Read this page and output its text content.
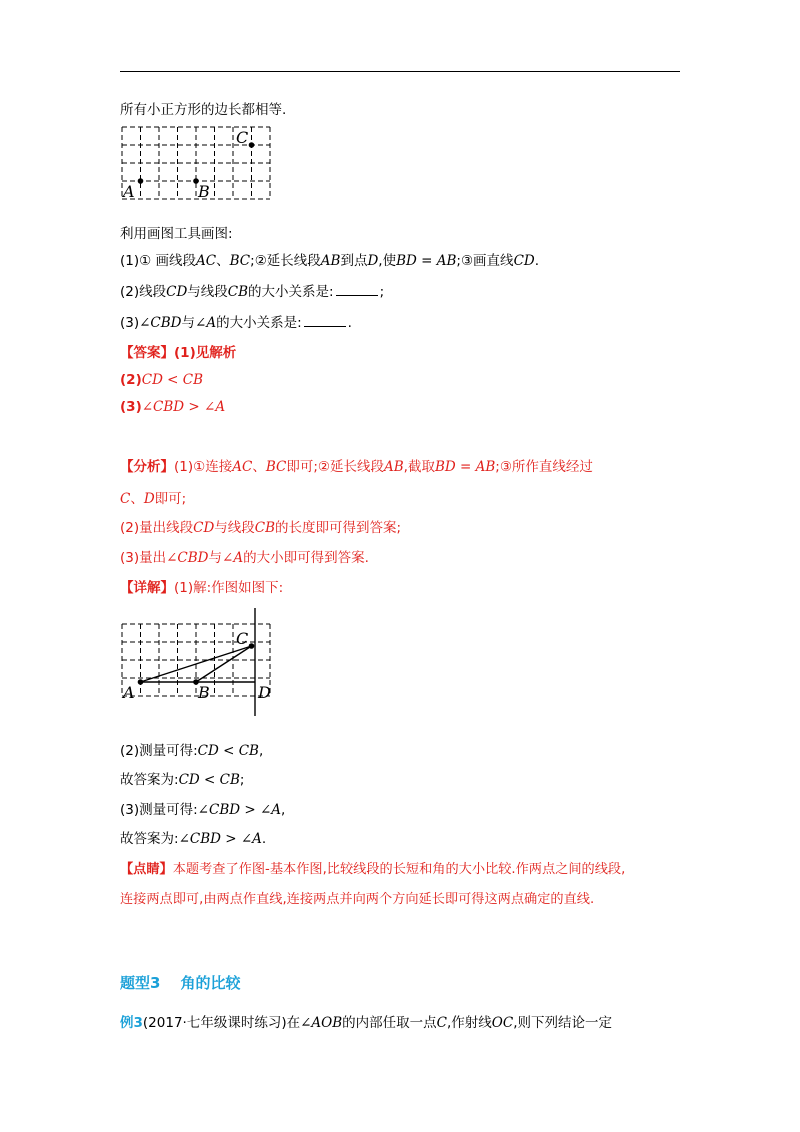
所有小正方形的边长都相等.
A	B
C
利用画图工具画图:
(1)① 画线段AC、BC;②延长线段AB到点D,使BD = AB;③画直线CD.
(2)线段CD与线段CB的大小关系是:	;
(3)∠CBD与∠A的大小关系是:	.
【答案】(1)见解析
(2)CD < CB
(3)∠CBD > ∠A
【分析】(1)①连接AC、BC即可;②延长线段AB,截取BD = AB;③所作直线经过
C、D即可;
(2)量出线段CD与线段CB的长度即可得到答案;
(3)量出∠CBD与∠A的大小即可得到答案.
【详解】(1)解:作图如图下:
A	B
C
D
(2)测量可得:CD < CB,
故答案为:CD < CB;
(3)测量可得:∠CBD > ∠A,
故答案为:∠CBD > ∠A.
【点睛】本题考查了作图-基本作图,比较线段的长短和角的大小比较.作两点之间的线段,
连接两点即可,由两点作直线,连接两点并向两个方向延长即可得这两点确定的直线.
题型3 角的比较
例3(2017·七年级课时练习)在∠AOB的内部任取一点C,作射线OC,则下列结论一定
